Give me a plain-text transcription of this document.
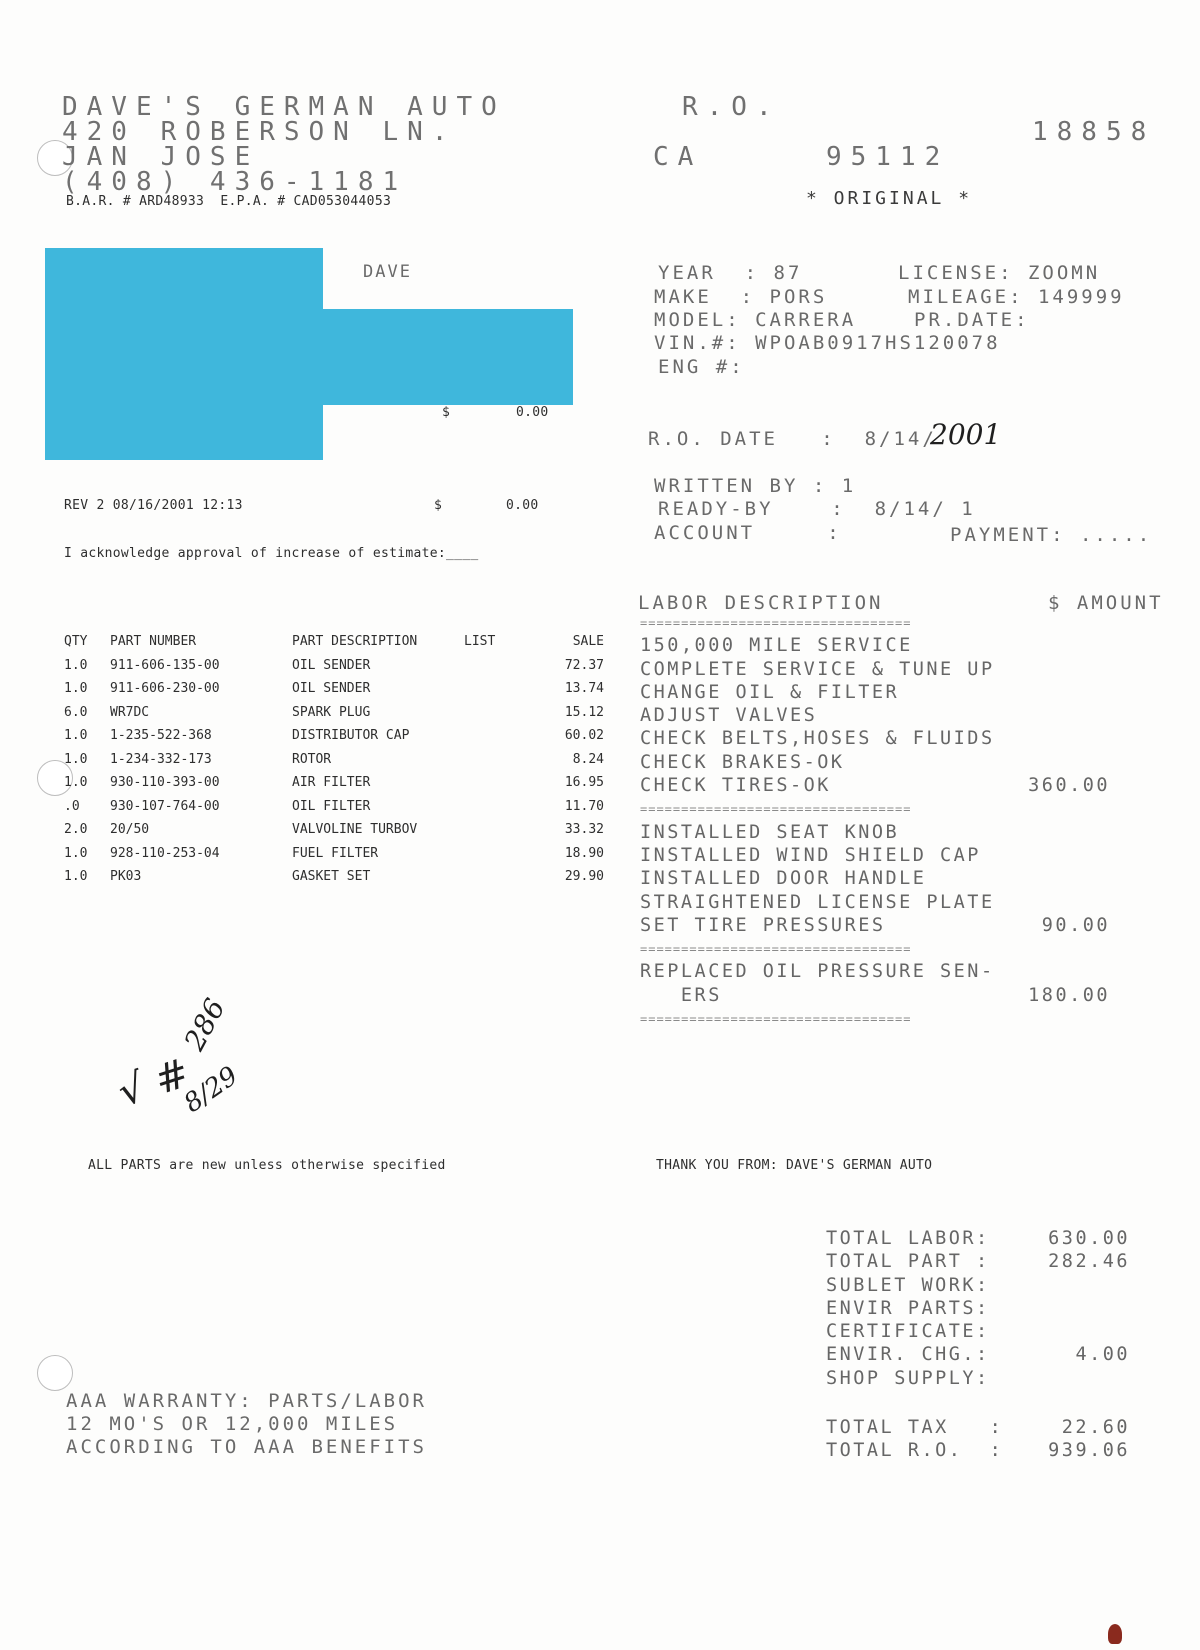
DAVE'S GERMAN AUTO
420 ROBERSON LN.
JAN JOSE
(408) 436-1181
B.A.R. # ARD48933  E.P.A. # CAD053044053
R.O.
18858
CA	95112
* ORIGINAL *
DAVE
$	0.00
YEAR  : 87
MAKE  : PORS
MODEL: CARRERA
VIN.#: WPOAB0917HS120078
ENG #:
LICENSE: ZOOMN
MILEAGE: 149999
PR.DATE:
R.O. DATE   :  8/14/
2001
WRITTEN BY : 1
READY-BY    :  8/14/ 1
ACCOUNT     :	PAYMENT: .....
REV 2 08/16/2001 12:13	$	0.00
I acknowledge approval of increase of estimate:____

QTY	PART NUMBER	PART DESCRIPTION	LIST	SALE
1.0	911-606-135-00	OIL SENDER		72.37
1.0	911-606-230-00	OIL SENDER		13.74
6.0	WR7DC	SPARK PLUG		15.12
1.0	1-235-522-368	DISTRIBUTOR CAP		60.02
1.0	1-234-332-173	ROTOR		8.24
1.0	930-110-393-00	AIR FILTER		16.95
.0	930-107-764-00	OIL FILTER		11.70
2.0	20/50	VALVOLINE TURBOV		33.32
1.0	928-110-253-04	FUEL FILTER		18.90
1.0	PK03	GASKET SET		29.90

LABOR DESCRIPTION	$ AMOUNT
=================================
150,000 MILE SERVICE
COMPLETE SERVICE & TUNE UP
CHANGE OIL & FILTER
ADJUST VALVES
CHECK BELTS,HOSES & FLUIDS
CHECK BRAKES-OK
CHECK TIRES-OK	360.00
=================================
INSTALLED SEAT KNOB
INSTALLED WIND SHIELD CAP
INSTALLED DOOR HANDLE
STRAIGHTENED LICENSE PLATE
SET TIRE PRESSURES	90.00
=================================
REPLACED OIL PRESSURE SEN-
ERS	180.00
=================================
√ #
286
8/29
ALL PARTS are new unless otherwise specified	THANK YOU FROM: DAVE'S GERMAN AUTO
TOTAL LABOR:	630.00
TOTAL PART :	282.46
SUBLET WORK:
ENVIR PARTS:
CERTIFICATE:
ENVIR. CHG.:	4.00
SHOP SUPPLY:
TOTAL TAX   :	22.60
TOTAL R.O.  : 939.06
AAA WARRANTY: PARTS/LABOR
12 MO'S OR 12,000 MILES
ACCORDING TO AAA BENEFITS
